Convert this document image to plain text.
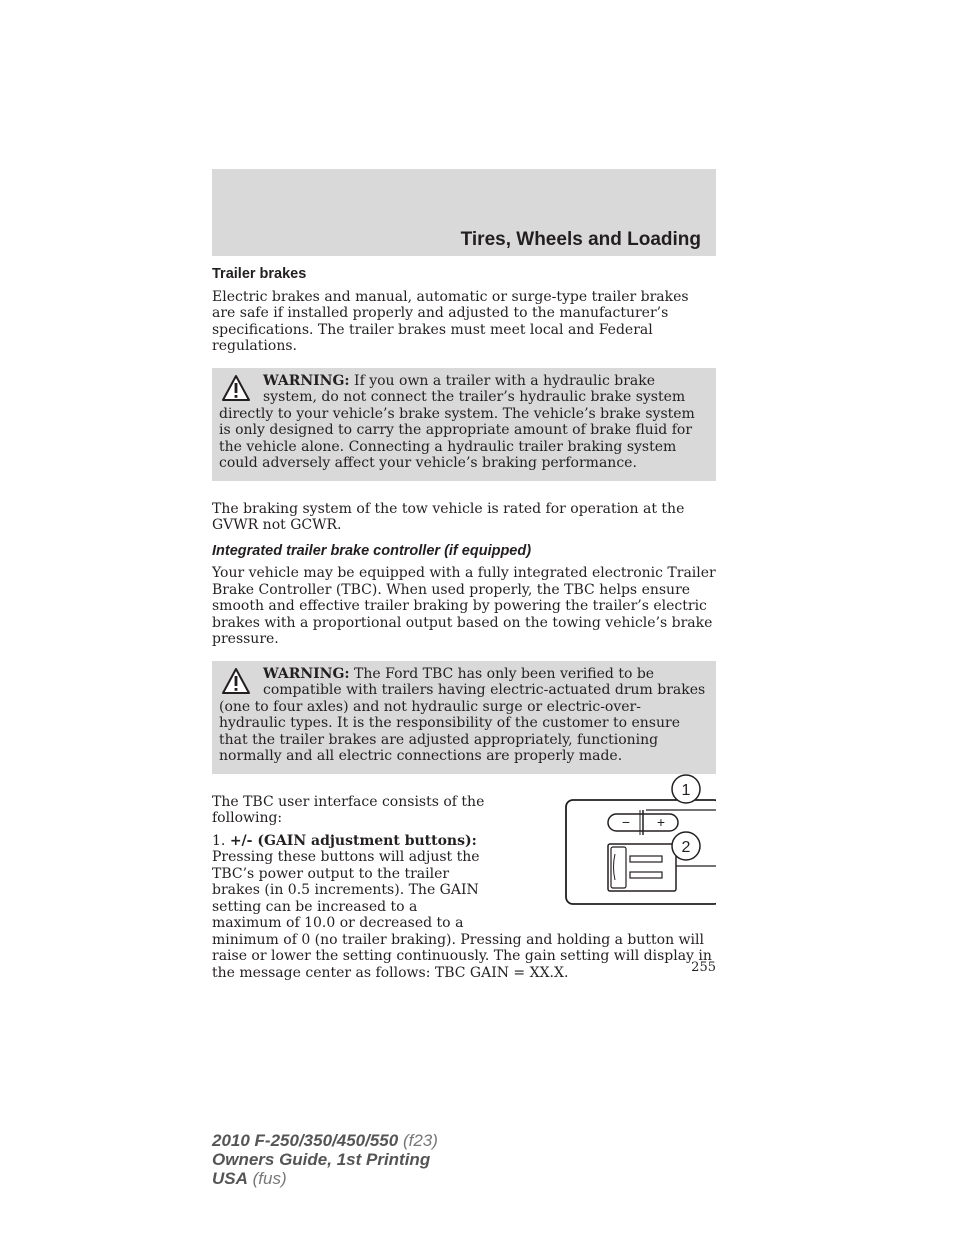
Tires, Wheels and Loading
Trailer brakes

Electric brakes and manual, automatic or surge-type trailer brakes are safe if installed properly and adjusted to the manufacturer’s specifications. The trailer brakes must meet local and Federal regulations.

WARNING: If you own a trailer with a hydraulic brake system, do not connect the trailer’s hydraulic brake system directly to your vehicle’s brake system. The vehicle’s brake system is only designed to carry the appropriate amount of brake fluid for the vehicle alone. Connecting a hydraulic trailer braking system could adversely affect your vehicle’s braking performance.

The braking system of the tow vehicle is rated for operation at the GVWR not GCWR.

Integrated trailer brake controller (if equipped)

Your vehicle may be equipped with a fully integrated electronic Trailer Brake Controller (TBC). When used properly, the TBC helps ensure smooth and effective trailer braking by powering the trailer’s electric brakes with a proportional output based on the towing vehicle’s brake pressure.

WARNING: The Ford TBC has only been verified to be compatible with trailers having electric-actuated drum brakes (one to four axles) and not hydraulic surge or electric-over-hydraulic types. It is the responsibility of the customer to ensure that the trailer brakes are adjusted appropriately, functioning normally and all electric connections are properly made.
− +

The TBC user interface consists of the following:

1. +/- (GAIN adjustment buttons): Pressing these buttons will adjust the TBC’s power output to the trailer brakes (in 0.5 increments). The GAIN setting can be increased to a maximum of 10.0 or decreased to a minimum of 0 (no trailer braking). Pressing and holding a button will raise or lower the setting continuously. The gain setting will display in the message center as follows: TBC GAIN = XX.X.

1
2
255
2010 F-250/350/450/550 (f23)
Owners Guide, 1st Printing
USA (fus)
